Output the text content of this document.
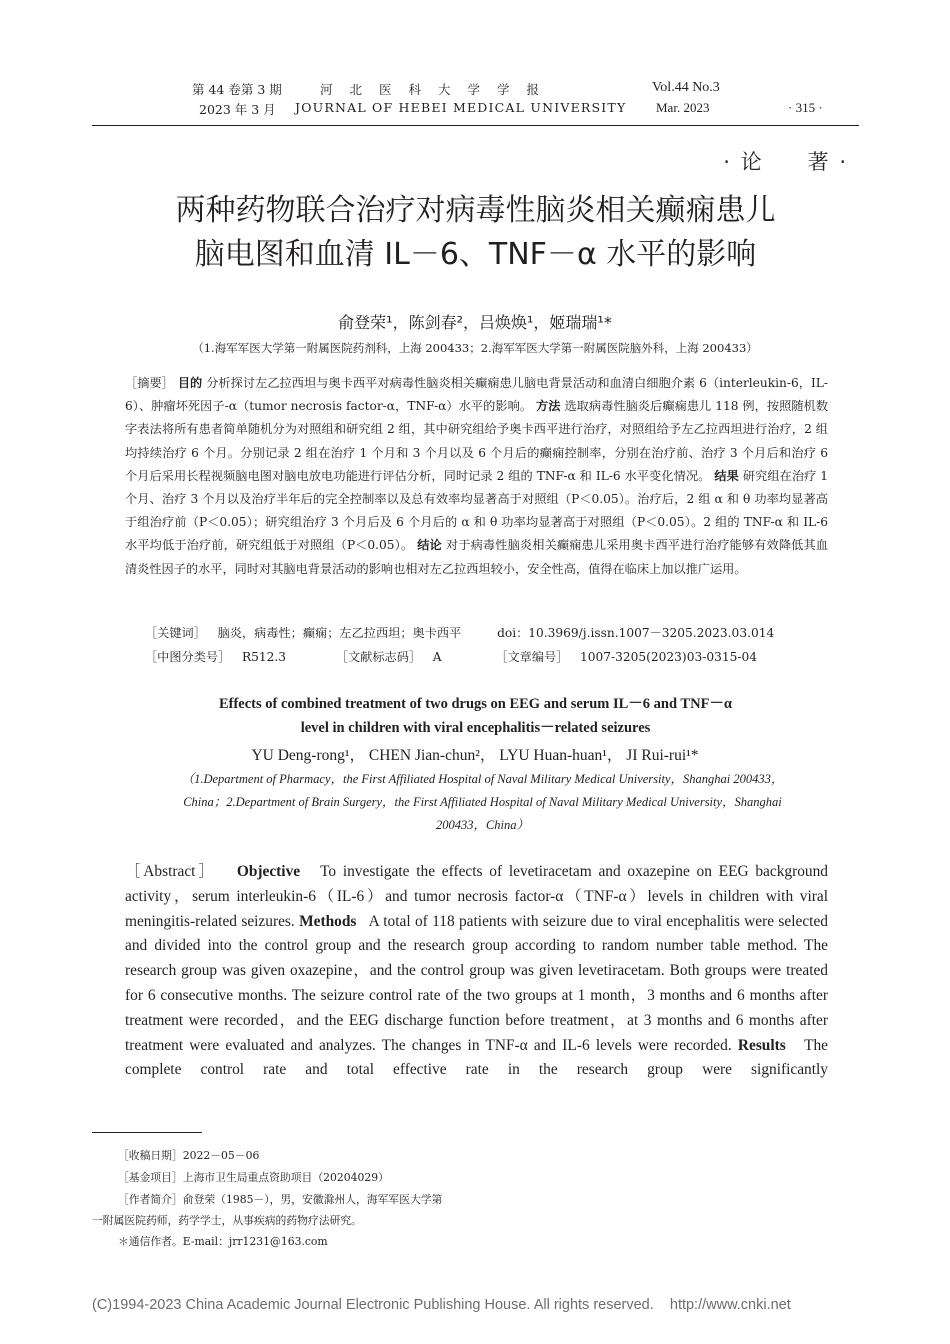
第 44 卷第 3 期
2023 年 3 月
河北医科大学学报
JOURNAL OF HEBEI MEDICAL UNIVERSITY
Vol.44 No.3
Mar. 2023	· 315 ·
· 论 著 ·
两种药物联合治疗对病毒性脑炎相关癫痫患儿
脑电图和血清 IL－6、TNF－α 水平的影响
俞登荣¹，陈剑春²，吕焕焕¹，姬瑞瑞¹*
（1.海军军医大学第一附属医院药剂科，上海 200433；2.海军军医大学第一附属医院脑外科，上海 200433）
［摘要］ 目的 分析探讨左乙拉西坦与奥卡西平对病毒性脑炎相关癫痫患儿脑电背景活动和血清白细胞介素 6（interleukin-6，IL-6）、肿瘤坏死因子-α（tumor necrosis factor-α，TNF-α）水平的影响。 方法 选取病毒性脑炎后癫痫患儿 118 例，按照随机数字表法将所有患者简单随机分为对照组和研究组 2 组，其中研究组给予奥卡西平进行治疗，对照组给予左乙拉西坦进行治疗，2 组均持续治疗 6 个月。分别记录 2 组在治疗 1 个月和 3 个月以及 6 个月后的癫痫控制率，分别在治疗前、治疗 3 个月后和治疗 6 个月后采用长程视频脑电图对脑电放电功能进行评估分析，同时记录 2 组的 TNF-α 和 IL-6 水平变化情况。 结果 研究组在治疗 1 个月、治疗 3 个月以及治疗半年后的完全控制率以及总有效率均显著高于对照组（P＜0.05）。治疗后，2 组 α 和 θ 功率均显著高于组治疗前（P＜0.05）；研究组治疗 3 个月后及 6 个月后的 α 和 θ 功率均显著高于对照组（P＜0.05）。2 组的 TNF-α 和 IL-6 水平均低于治疗前，研究组低于对照组（P＜0.05）。 结论 对于病毒性脑炎相关癫痫患儿采用奥卡西平进行治疗能够有效降低其血清炎性因子的水平，同时对其脑电背景活动的影响也相对左乙拉西坦较小，安全性高，值得在临床上加以推广运用。
［关键词］ 脑炎，病毒性；癫痫；左乙拉西坦；奥卡西平	doi：10.3969/j.issn.1007－3205.2023.03.014
［中图分类号］ R512.3	［文献标志码］ A	［文章编号］ 1007-3205(2023)03-0315-04
Effects of combined treatment of two drugs on EEG and serum IL－6 and TNF－α
level in children with viral encephalitis－related seizures
YU Deng-rong¹， CHEN Jian-chun²， LYU Huan-huan¹， JI Rui-rui¹*
（1.Department of Pharmacy，the First Affiliated Hospital of Naval Military Medical University，Shanghai 200433，China；2.Department of Brain Surgery，the First Affiliated Hospital of Naval Military Medical University，Shanghai 200433，China）
［Abstract］ Objective To investigate the effects of levetiracetam and oxazepine on EEG background activity，serum interleukin-6（IL-6）and tumor necrosis factor-α（TNF-α）levels in children with viral meningitis-related seizures. Methods A total of 118 patients with seizure due to viral encephalitis were selected and divided into the control group and the research group according to random number table method. The research group was given oxazepine，and the control group was given levetiracetam. Both groups were treated for 6 consecutive months. The seizure control rate of the two groups at 1 month，3 months and 6 months after treatment were recorded，and the EEG discharge function before treatment，at 3 months and 6 months after treatment were evaluated and analyzes. The changes in TNF-α and IL-6 levels were recorded. Results The complete control rate and total effective rate in the research group were significantly
［收稿日期］2022－05－06
［基金项目］上海市卫生局重点资助项目（20204029）
［作者简介］俞登荣（1985－），男，安徽滁州人，海军军医大学第
一附属医院药师，药学学士，从事疾病的药物疗法研究。
＊通信作者。E-mail：jrr1231@163.com
(C)1994-2023 China Academic Journal Electronic Publishing House. All rights reserved.    http://www.cnki.net
